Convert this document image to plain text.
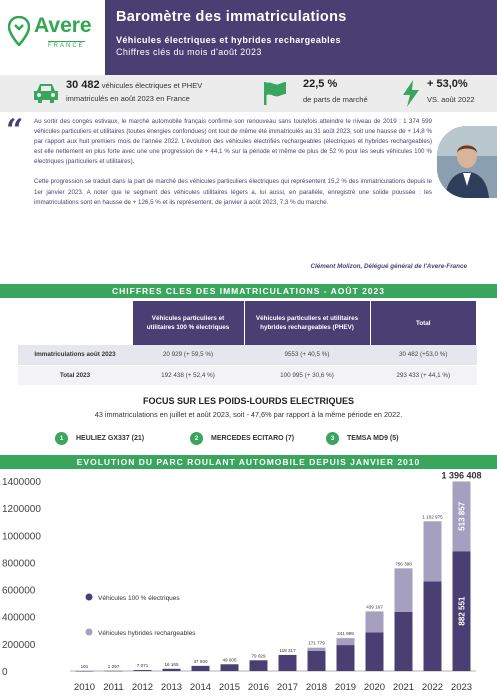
Avere
FRANCE
Baromètre des immatriculations
Véhicules électriques et hybrides rechargeables
Chiffres clés du mois d'août 2023
30 482 véhicules électriques et PHEV
immatriculés en août 2023 en France
22,5 %
de parts de marché
+ 53,0%
VS. août 2022
“ Au sortir des congés estivaux, le marché automobile français confirme son renouveau sans toutefois atteindre le niveau de 2019 : 1 374 599 véhicules particuliers et utilitaires (toutes énergies confondues) ont tout de même été immatriculés au 31 août 2023, soit une hausse de + 14,8 % par rapport aux huit premiers mois de l'année 2022. L'évolution des véhicules électrifiés rechargeables (électriques et hybrides rechargeables) est elle nettement en plus forte avec une une progression de + 44,1 % sur la période et même de plus de 52 % pour les seuls véhicules 100 % électriques (particuliers et utilitaires).

Cette progression se traduit dans la part de marché des véhicules particuliers électriques qui représentent 15,2 % des immatriculations depuis le 1er janvier 2023. A noter que le segment des véhicules utilitaires légers a, lui aussi, en parallèle, enregistré une solide poussée : les immatriculations sont en hausse de + 126,5 % et ils représentent, de janvier à août 2023, 7,3 % du marché.

Clément Molizon, Délégué général de l'Avere-France
CHIFFRES CLES DES IMMATRICULATIONS - AOÛT 2023
	Véhicules particuliers et utilitaires 100 % électriques	Véhicules particuliers et utilitaires hybrides rechargeables (PHEV)	Total
Immatriculations août 2023	20 929 (+ 59,5 %)	9553 (+ 40,5 %)	30 482 (+53,0 %)
Total 2023	192 438 (+ 52,4 %)	100 995 (+ 30,6 %)	293 433 (+ 44,1 %)
FOCUS SUR LES POIDS-LOURDS ELECTRIQUES
43 immatriculations en juillet et août 2023, soit - 47,6% par rapport à la même période en 2022.
1	HEULIEZ GX337 (21)	2	MERCEDES ECITARO (7)	3	TEMSA MD9 (5)
EVOLUTION DU PARC ROULANT AUTOMOBILE DEPUIS JANVIER 2010
0
200000
400000
600000
800000
1000000
1200000
1400000
2010
101
2011
1 297
2012
7 071
2013
16 165
2014
37 930
2015
49 605
2016
79 029
2017
118 317
2018
171 779
2019
241 998
2020
439 167
2021
756 398
2022
1 102 975
2023
1 396 408
882 551
513 857
Véhicules 100 % électriques
Véhicules hybrides rechargeables
